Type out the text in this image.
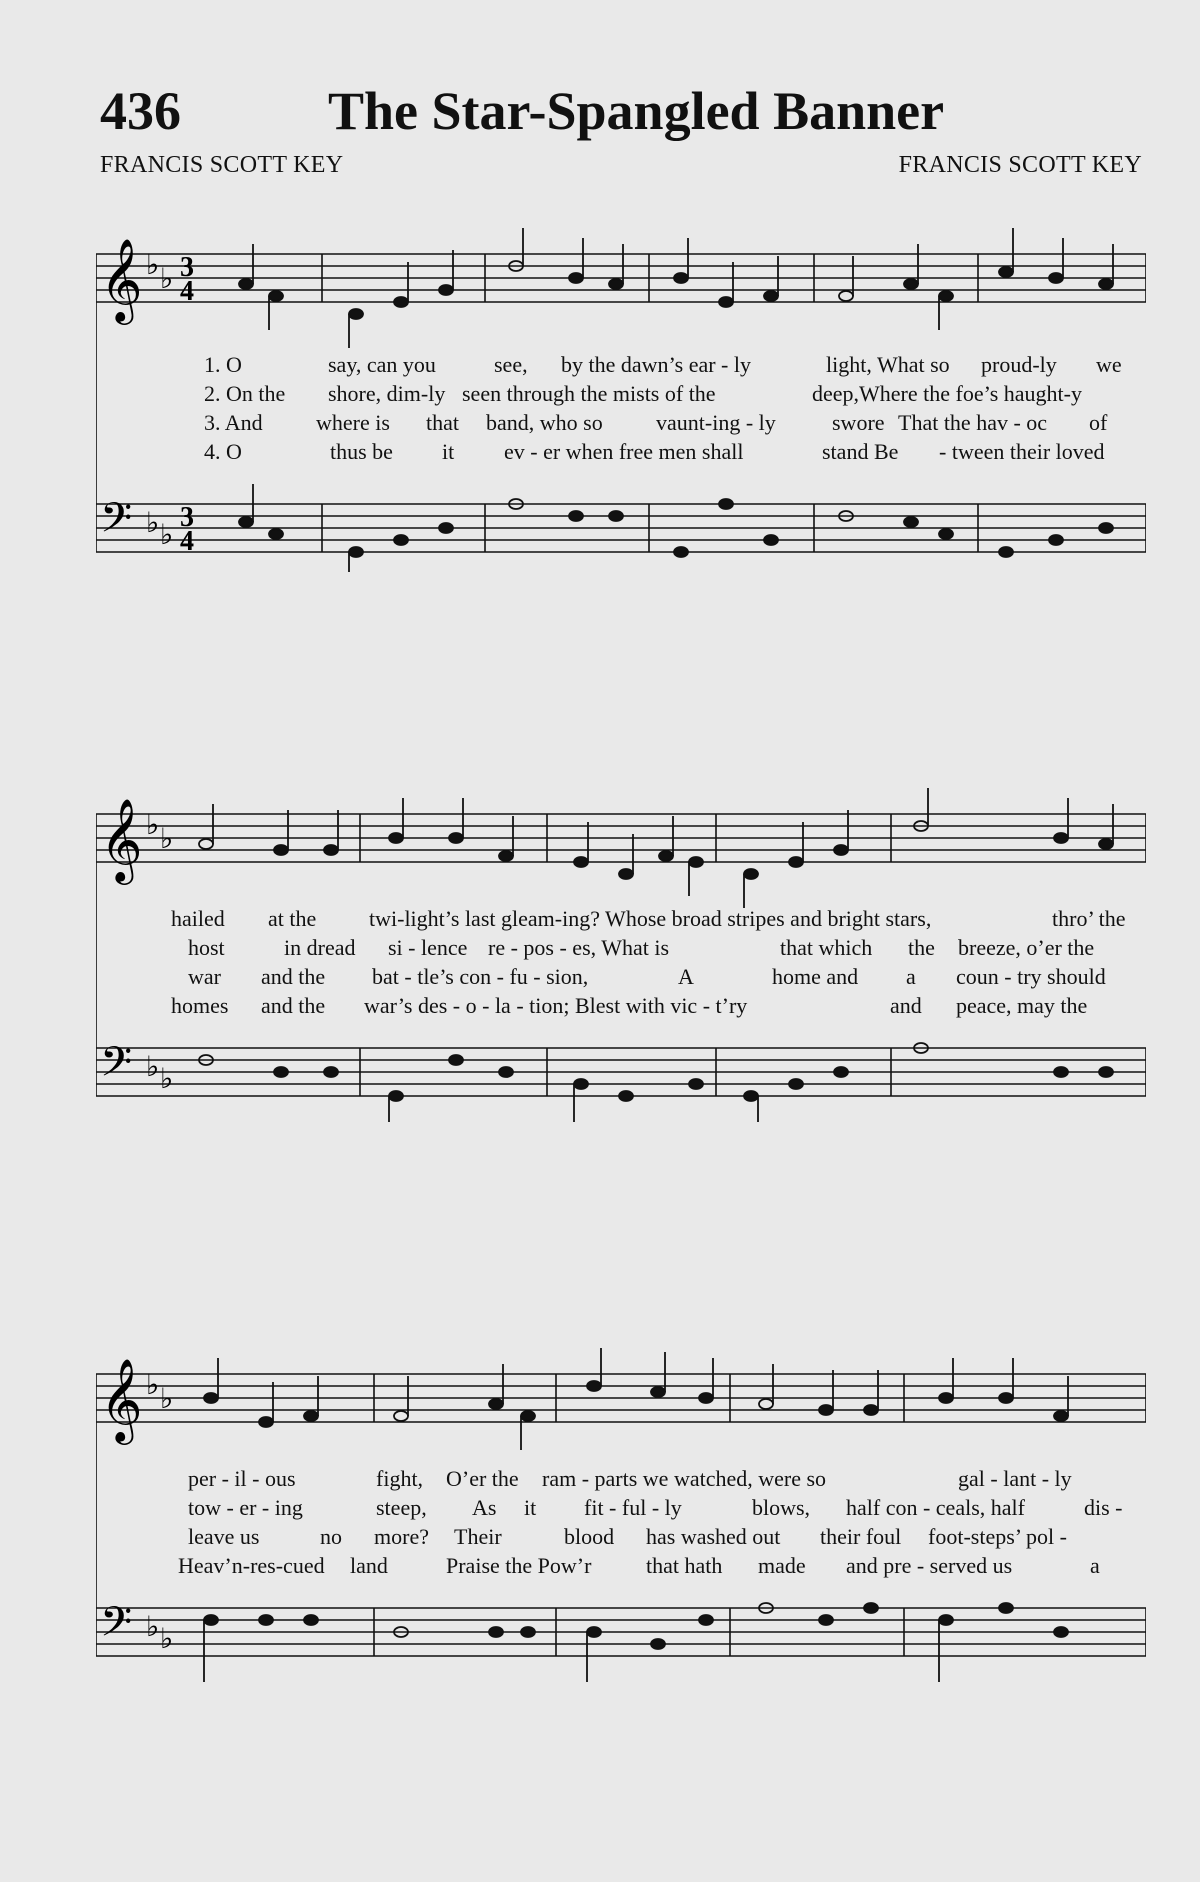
436	The Star-Spangled Banner
FRANCIS SCOTT KEY	FRANCIS SCOTT KEY
𝄞
𝄢
♭ ♭
♭ ♭
3
4
3
4
1. O	say, can you	see, by the dawn’s ear - ly	light, What so proud-ly we
2. On the shore, dim-ly seen through the mists of the	deep,Where the foe’s haught-y
3. And where is that band, who so vaunt-ing - ly	swore That the hav - oc of
4. O	thus be it ev - er when free men shall	stand Be - tween their loved
𝄞
𝄢
♭ ♭
♭ ♭
hailed at the twi-light’s last gleam-ing? Whose broad stripes and bright stars,	thro’ the
host	in dread si - lence re - pos - es, What is	that which the breeze, o’er the
war and the bat - tle’s con - fu - sion,	A	home and a coun - try should
homes and the war’s des - o - la - tion; Blest with vic - t’ry	and peace, may the
𝄞
𝄢
♭ ♭
♭ ♭
per - il - ous	fight, O’er the ram - parts we watched, were so	gal - lant - ly
tow - er - ing	steep, As it fit - ful - ly	blows, half con - ceals, half	dis -
leave us	no more? Their	blood has washed out their foul foot-steps’ pol -
Heav’n-res-cued land	Praise the Pow’r that hath made and pre - served us	a
